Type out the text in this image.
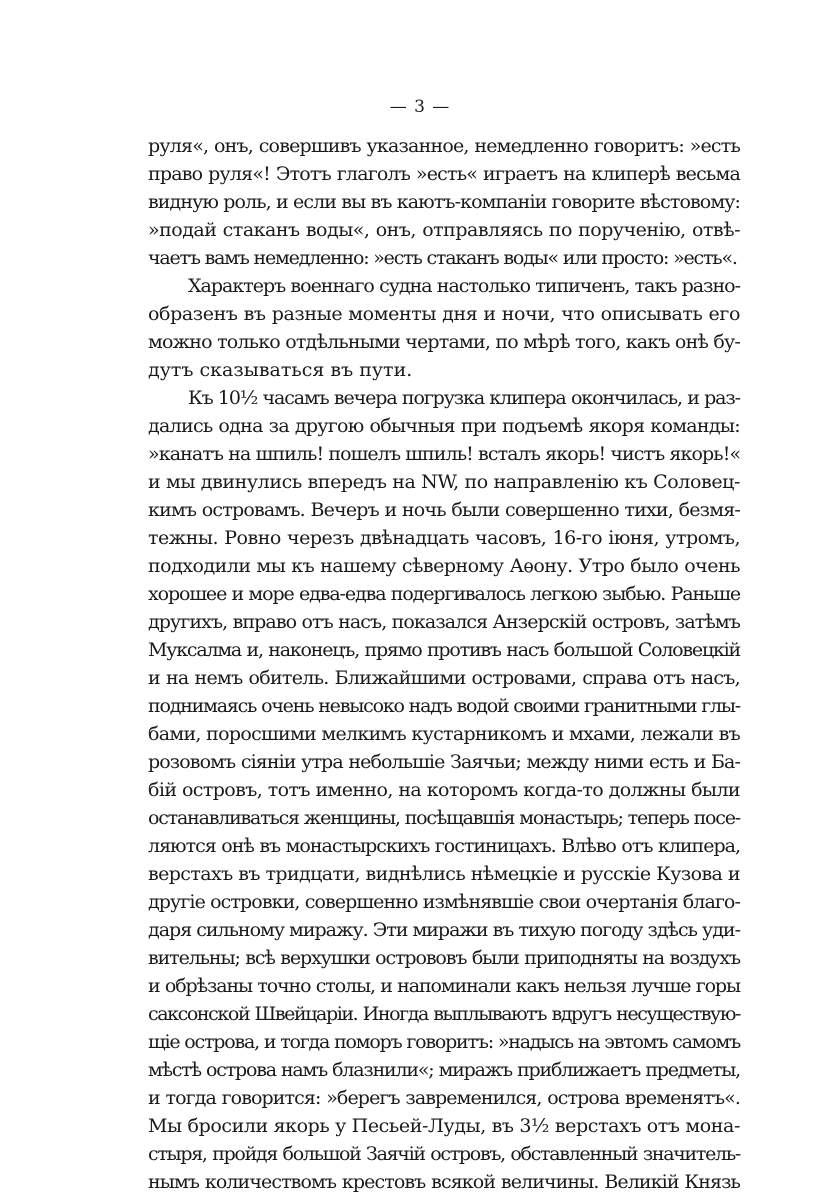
— 3 —
руля«, онъ, совершивъ указанное, немедленно говоритъ: »есть
право руля«! Этотъ глаголъ »есть« играетъ на клиперѣ весьма
видную роль, и если вы въ каютъ-компаніи говорите вѣстовому:
»подай стаканъ воды«, онъ, отправляясь по порученію, отвѣ-
чаетъ вамъ немедленно: »есть стаканъ воды« или просто: »есть«.
Характеръ военнаго судна настолько типиченъ, такъ разно-
образенъ въ разные моменты дня и ночи, что описывать его
можно только отдѣльными чертами, по мѣрѣ того, какъ онѣ бу-
дутъ сказываться въ пути.
Къ 10½ часамъ вечера погрузка клипера окончилась, и раз-
дались одна за другою обычныя при подъемѣ якоря команды:
»канатъ на шпиль! пошелъ шпиль! всталъ якорь! чистъ якорь!«
и мы двинулись впередъ на NW, по направленію къ Соловец-
кимъ островамъ. Вечеръ и ночь были совершенно тихи, безмя-
тежны. Ровно черезъ двѣнадцать часовъ, 16-го іюня, утромъ,
подходили мы къ нашему сѣверному Аѳону. Утро было очень
хорошее и море едва-едва подергивалось легкою зыбью. Раньше
другихъ, вправо отъ насъ, показался Анзерскій островъ, затѣмъ
Муксалма и, наконецъ, прямо противъ насъ большой Соловецкій
и на немъ обитель. Ближайшими островами, справа отъ насъ,
поднимаясь очень невысоко надъ водой своими гранитными глы-
бами, поросшими мелкимъ кустарникомъ и мхами, лежали въ
розовомъ сіяніи утра небольшіе Заячьи; между ними есть и Ба-
бій островъ, тотъ именно, на которомъ когда-то должны были
останавливаться женщины, посѣщавшія монастырь; теперь посе-
ляются онѣ въ монастырскихъ гостиницахъ. Влѣво отъ клипера,
верстахъ въ тридцати, виднѣлись нѣмецкіе и русскіе Кузова и
другіе островки, совершенно измѣнявшіе свои очертанія благо-
даря сильному миражу. Эти миражи въ тихую погоду здѣсь уди-
вительны; всѣ верхушки острововъ были приподняты на воздухъ
и обрѣзаны точно столы, и напоминали какъ нельзя лучше горы
саксонской Швейцаріи. Иногда выплываютъ вдругъ несуществую-
щіе острова, и тогда поморъ говоритъ: »надысь на эвтомъ самомъ
мѣстѣ острова намъ блазнили«; миражъ приближаетъ предметы,
и тогда говорится: »берегъ завременился, острова временятъ«.
Мы бросили якорь у Песьей-Луды, въ 3½ верстахъ отъ мона-
стыря, пройдя большой Заячій островъ, обставленный значитель-
нымъ количествомъ крестовъ всякой величины. Великій Князь
